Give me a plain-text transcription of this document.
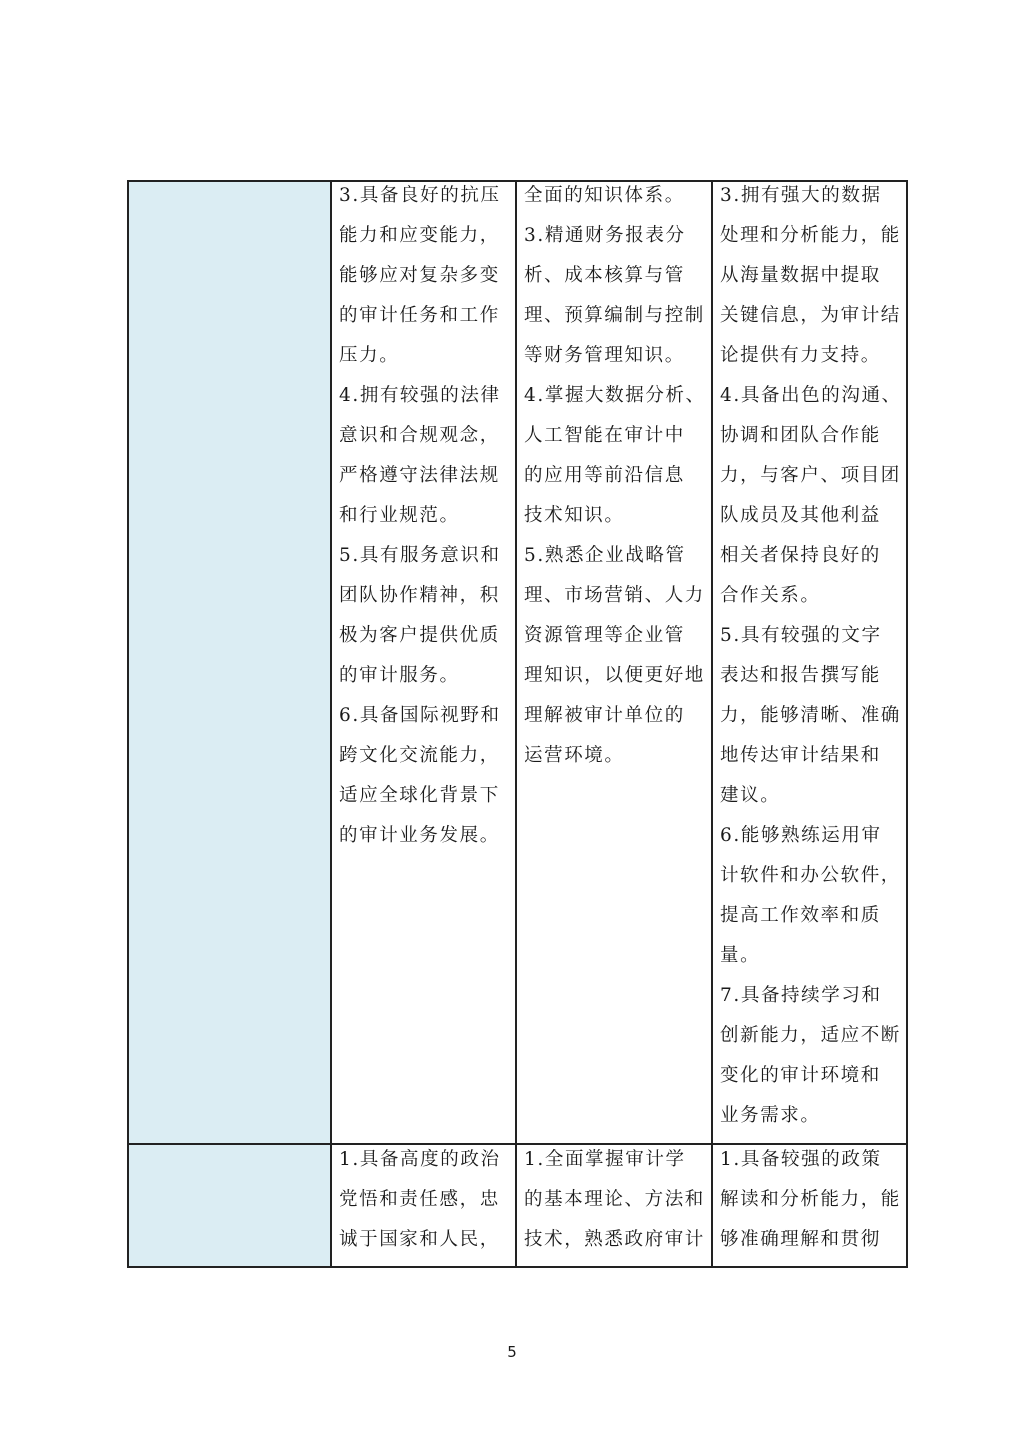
3.具备良好的抗压
能力和应变能力，
能够应对复杂多变
的审计任务和工作
压力。
4.拥有较强的法律
意识和合规观念，
严格遵守法律法规
和行业规范。
5.具有服务意识和
团队协作精神，积
极为客户提供优质
的审计服务。
6.具备国际视野和
跨文化交流能力，
适应全球化背景下
的审计业务发展。
全面的知识体系。
3.精通财务报表分
析、成本核算与管
理、预算编制与控制
等财务管理知识。
4.掌握大数据分析、
人工智能在审计中
的应用等前沿信息
技术知识。
5.熟悉企业战略管
理、市场营销、人力
资源管理等企业管
理知识，以便更好地
理解被审计单位的
运营环境。
3.拥有强大的数据
处理和分析能力，能
从海量数据中提取
关键信息，为审计结
论提供有力支持。
4.具备出色的沟通、
协调和团队合作能
力，与客户、项目团
队成员及其他利益
相关者保持良好的
合作关系。
5.具有较强的文字
表达和报告撰写能
力，能够清晰、准确
地传达审计结果和
建议。
6.能够熟练运用审
计软件和办公软件，
提高工作效率和质
量。
7.具备持续学习和
创新能力，适应不断
变化的审计环境和
业务需求。
1.具备高度的政治
党悟和责任感，忠
诚于国家和人民，
1.全面掌握审计学
的基本理论、方法和
技术，熟悉政府审计
1.具备较强的政策
解读和分析能力，能
够准确理解和贯彻
5
